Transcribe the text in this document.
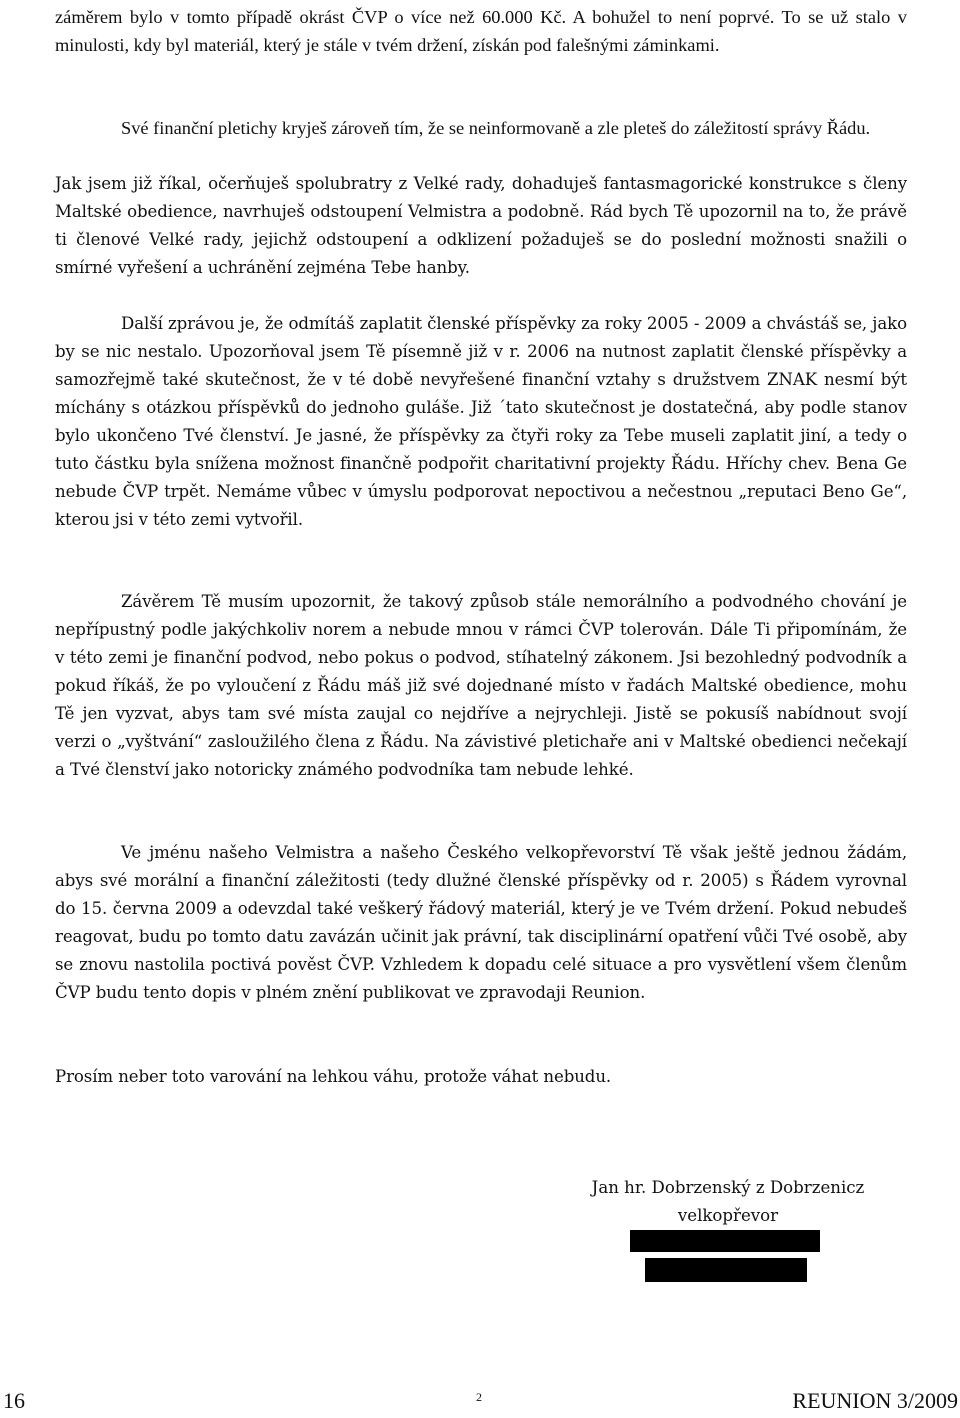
záměrem bylo v tomto případě okrást ČVP o více než 60.000 Kč. A bohužel to není poprvé. To se už stalo v minulosti, kdy byl materiál, který je stále v tvém držení, získán pod falešnými záminkami.

Své finanční pletichy kryješ zároveň tím, že se neinformovaně a zle pleteš do záležitostí správy Řádu.

Jak jsem již říkal, očerňuješ spolubratry z Velké rady, dohaduješ fantasmagorické konstrukce s členy Maltské obedience, navrhuješ odstoupení Velmistra a podobně. Rád bych Tě upozornil na to, že právě ti členové Velké rady, jejichž odstoupení a odklizení požaduješ se do poslední možnosti snažili o smírné vyřešení a uchránění zejména Tebe hanby.

Další zprávou je, že odmítáš zaplatit členské příspěvky za roky 2005 - 2009 a chvástáš se, jako by se nic nestalo. Upozorňoval jsem Tě písemně již v r. 2006 na nutnost zaplatit členské příspěvky a samozřejmě také skutečnost, že v té době nevyřešené finanční vztahy s družstvem ZNAK nesmí být míchány s otázkou příspěvků do jednoho guláše. Již ´tato skutečnost je dostatečná, aby podle stanov bylo ukončeno Tvé členství. Je jasné, že příspěvky za čtyři roky za Tebe museli zaplatit jiní, a tedy o tuto částku byla snížena možnost finančně podpořit charitativní projekty Řádu. Hříchy chev. Bena Ge nebude ČVP trpět. Nemáme vůbec v úmyslu podporovat nepoctivou a nečestnou „reputaci Beno Ge“, kterou jsi v této zemi vytvořil.

Závěrem Tě musím upozornit, že takový způsob stále nemorálního a podvodného chování je nepřípustný podle jakýchkoliv norem a nebude mnou v rámci ČVP tolerován. Dále Ti připomínám, že v této zemi je finanční podvod, nebo pokus o podvod, stíhatelný zákonem. Jsi bezohledný podvodník a pokud říkáš, že po vyloučení z Řádu máš již své dojednané místo v řadách Maltské obedience, mohu Tě jen vyzvat, abys tam své místa zaujal co nejdříve a nejrychleji. Jistě se pokusíš nabídnout svojí verzi o „vyštvání“ zasloužilého člena z Řádu. Na závistivé pletichaře ani v Maltské obedienci nečekají a Tvé členství jako notoricky známého podvodníka tam nebude lehké.

Ve jménu našeho Velmistra a našeho Českého velkopřevorství Tě však ještě jednou žádám, abys své morální a finanční záležitosti (tedy dlužné členské příspěvky od r. 2005) s Řádem vyrovnal do 15. června 2009 a odevzdal také veškerý řádový materiál, který je ve Tvém držení. Pokud nebudeš reagovat, budu po tomto datu zavázán učinit jak právní, tak disciplinární opatření vůči Tvé osobě, aby se znovu nastolila poctivá pověst ČVP. Vzhledem k dopadu celé situace a pro vysvětlení všem členům ČVP budu tento dopis v plném znění publikovat ve zpravodaji Reunion.

Prosím neber toto varování na lehkou váhu, protože váhat nebudu.

Jan hr. Dobrzenský z Dobrzenicz
velkopřevor
16	2	REUNION 3/2009
